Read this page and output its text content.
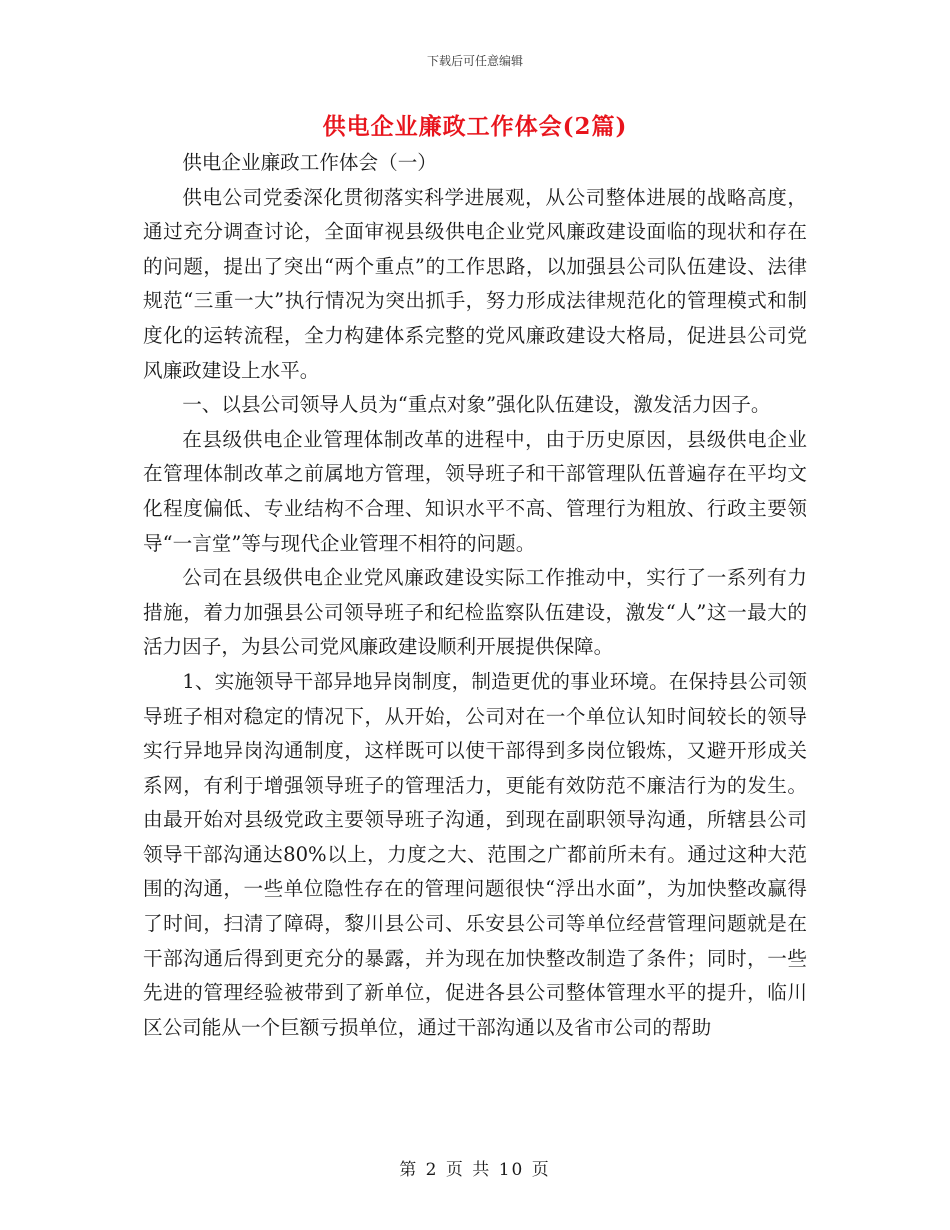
下载后可任意编辑
供电企业廉政工作体会(2篇)

供电企业廉政工作体会（一）

供电公司党委深化贯彻落实科学进展观，从公司整体进展的战略高度，通过充分调查讨论，全面审视县级供电企业党风廉政建设面临的现状和存在的问题，提出了突出“两个重点”的工作思路，以加强县公司队伍建设、法律规范“三重一大”执行情况为突出抓手，努力形成法律规范化的管理模式和制度化的运转流程，全力构建体系完整的党风廉政建设大格局，促进县公司党风廉政建设上水平。

一、以县公司领导人员为“重点对象”强化队伍建设，激发活力因子。

在县级供电企业管理体制改革的进程中，由于历史原因，县级供电企业在管理体制改革之前属地方管理，领导班子和干部管理队伍普遍存在平均文化程度偏低、专业结构不合理、知识水平不高、管理行为粗放、行政主要领导“一言堂”等与现代企业管理不相符的问题。

公司在县级供电企业党风廉政建设实际工作推动中，实行了一系列有力措施，着力加强县公司领导班子和纪检监察队伍建设，激发“人”这一最大的活力因子，为县公司党风廉政建设顺利开展提供保障。

1、实施领导干部异地异岗制度，制造更优的事业环境。在保持县公司领导班子相对稳定的情况下，从开始，公司对在一个单位认知时间较长的领导实行异地异岗沟通制度，这样既可以使干部得到多岗位锻炼，又避开形成关系网，有利于增强领导班子的管理活力，更能有效防范不廉洁行为的发生。由最开始对县级党政主要领导班子沟通，到现在副职领导沟通，所辖县公司领导干部沟通达80%以上，力度之大、范围之广都前所未有。通过这种大范围的沟通，一些单位隐性存在的管理问题很快“浮出水面”，为加快整改赢得了时间，扫清了障碍，黎川县公司、乐安县公司等单位经营管理问题就是在干部沟通后得到更充分的暴露，并为现在加快整改制造了条件；同时，一些先进的管理经验被带到了新单位，促进各县公司整体管理水平的提升，临川区公司能从一个巨额亏损单位，通过干部沟通以及省市公司的帮助

第 2 页 共 10 页
